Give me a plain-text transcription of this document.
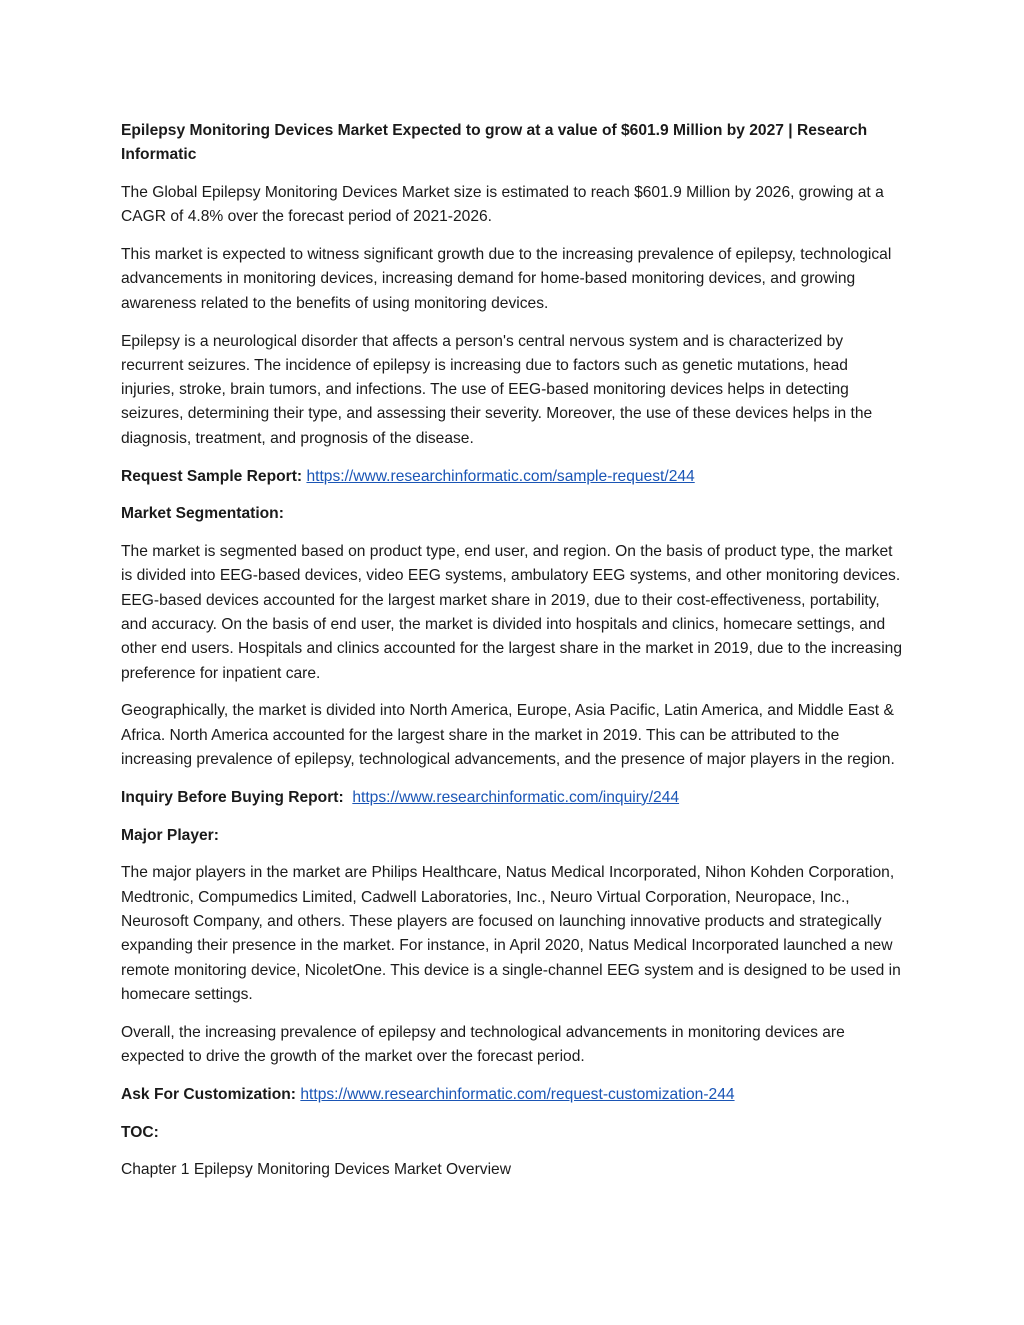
Epilepsy Monitoring Devices Market Expected to grow at a value of $601.9 Million by 2027 | Research Informatic

The Global Epilepsy Monitoring Devices Market size is estimated to reach $601.9 Million by 2026, growing at a CAGR of 4.8% over the forecast period of 2021-2026.

This market is expected to witness significant growth due to the increasing prevalence of epilepsy, technological advancements in monitoring devices, increasing demand for home-based monitoring devices, and growing awareness related to the benefits of using monitoring devices.

Epilepsy is a neurological disorder that affects a person's central nervous system and is characterized by recurrent seizures. The incidence of epilepsy is increasing due to factors such as genetic mutations, head injuries, stroke, brain tumors, and infections. The use of EEG-based monitoring devices helps in detecting seizures, determining their type, and assessing their severity. Moreover, the use of these devices helps in the diagnosis, treatment, and prognosis of the disease.

Request Sample Report: https://www.researchinformatic.com/sample-request/244

Market Segmentation:

The market is segmented based on product type, end user, and region. On the basis of product type, the market is divided into EEG-based devices, video EEG systems, ambulatory EEG systems, and other monitoring devices. EEG-based devices accounted for the largest market share in 2019, due to their cost-effectiveness, portability, and accuracy. On the basis of end user, the market is divided into hospitals and clinics, homecare settings, and other end users. Hospitals and clinics accounted for the largest share in the market in 2019, due to the increasing preference for inpatient care.

Geographically, the market is divided into North America, Europe, Asia Pacific, Latin America, and Middle East & Africa. North America accounted for the largest share in the market in 2019. This can be attributed to the increasing prevalence of epilepsy, technological advancements, and the presence of major players in the region.

Inquiry Before Buying Report: https://www.researchinformatic.com/inquiry/244

Major Player:

The major players in the market are Philips Healthcare, Natus Medical Incorporated, Nihon Kohden Corporation, Medtronic, Compumedics Limited, Cadwell Laboratories, Inc., Neuro Virtual Corporation, Neuropace, Inc., Neurosoft Company, and others. These players are focused on launching innovative products and strategically expanding their presence in the market. For instance, in April 2020, Natus Medical Incorporated launched a new remote monitoring device, NicoletOne. This device is a single-channel EEG system and is designed to be used in homecare settings.

Overall, the increasing prevalence of epilepsy and technological advancements in monitoring devices are expected to drive the growth of the market over the forecast period.

Ask For Customization: https://www.researchinformatic.com/request-customization-244

TOC:

Chapter 1 Epilepsy Monitoring Devices Market Overview
